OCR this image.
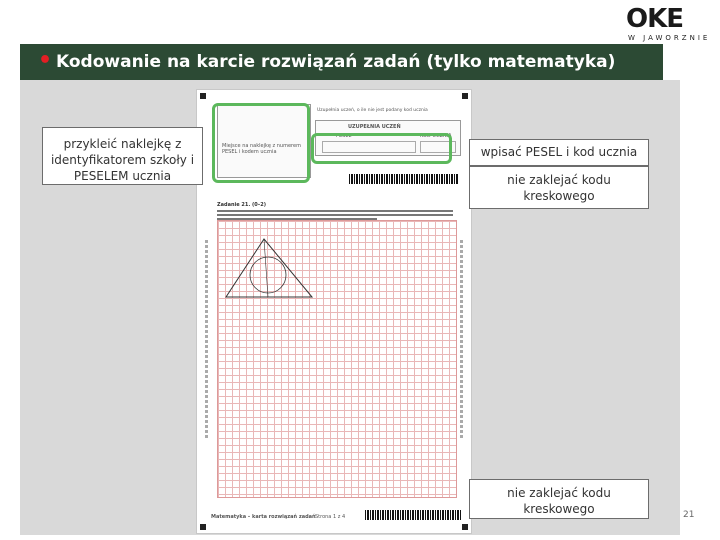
OKE
W JAWORZNIE
• Kodowanie na karcie rozwiązań zadań (tylko matematyka)
Miejsce na naklejkę z numerem PESEL i kodem ucznia
Uzupełnia uczeń, o ile nie jest podany kod ucznia
UZUPEŁNIA UCZEŃ
PESEL	KOD UCZNIA
Zadanie 21. (0–2)
Matematyka – karta rozwiązań zadań Strona 1 z 4
przykleić naklejkę z identyfikatorem szkoły i PESELEM ucznia
wpisać PESEL i kod ucznia
nie zaklejać kodu kreskowego
nie zaklejać kodu kreskowego	21
